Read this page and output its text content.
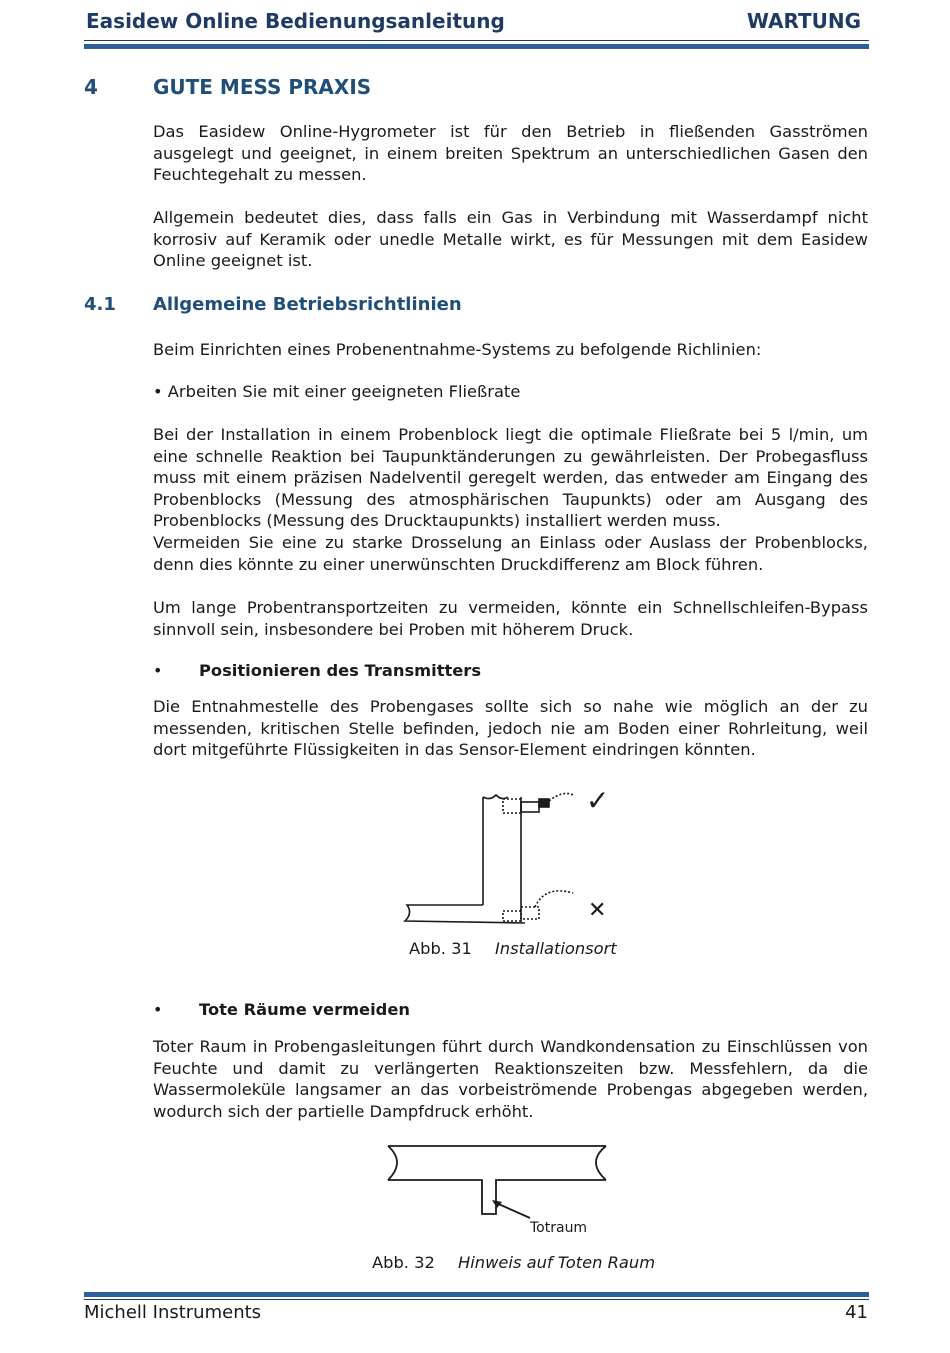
Easidew Online Bedienungsanleitung	WARTUNG
4	GUTE MESS PRAXIS
Das Easidew Online-Hygrometer ist für den Betrieb in fließenden Gasströmen ausgelegt und geeignet, in einem breiten Spektrum an unterschiedlichen Gasen den Feuchtegehalt zu messen.
Allgemein bedeutet dies, dass falls ein Gas in Verbindung mit Wasserdampf nicht korrosiv auf Keramik oder unedle Metalle wirkt, es für Messungen mit dem Easidew Online geeignet ist.
4.1 Allgemeine Betriebsrichtlinien
Beim Einrichten eines Probenentnahme-Systems zu befolgende Richlinien:
• Arbeiten Sie mit einer geeigneten Fließrate
Bei der Installation in einem Probenblock liegt die optimale Fließrate bei 5 l/min, um eine schnelle Reaktion bei Taupunktänderungen zu gewährleisten. Der Probegasfluss muss mit einem präzisen Nadelventil geregelt werden, das entweder am Eingang des Probenblocks (Messung des atmosphärischen Taupunkts) oder am Ausgang des Probenblocks (Messung des Drucktaupunkts) installiert werden muss.
Vermeiden Sie eine zu starke Drosselung an Einlass oder Auslass der Probenblocks, denn dies könnte zu einer unerwünschten Druckdifferenz am Block führen.
Um lange Probentransportzeiten zu vermeiden, könnte ein Schnellschleifen-Bypass sinnvoll sein, insbesondere bei Proben mit höherem Druck.
• Positionieren des Transmitters
Die Entnahmestelle des Probengases sollte sich so nahe wie möglich an der zu messenden, kritischen Stelle befinden, jedoch nie am Boden einer Rohrleitung, weil dort mitgeführte Flüssigkeiten in das Sensor-Element eindringen könnten.
✓
✕
Abb. 31 Installationsort
• Tote Räume vermeiden
Toter Raum in Probengasleitungen führt durch Wandkondensation zu Einschlüssen von Feuchte und damit zu verlängerten Reaktionszeiten bzw. Messfehlern, da die Wassermoleküle langsamer an das vorbeiströmende Probengas abgegeben werden, wodurch sich der partielle Dampfdruck erhöht.
Totraum
Abb. 32 Hinweis auf Toten Raum
Michell Instruments	41
